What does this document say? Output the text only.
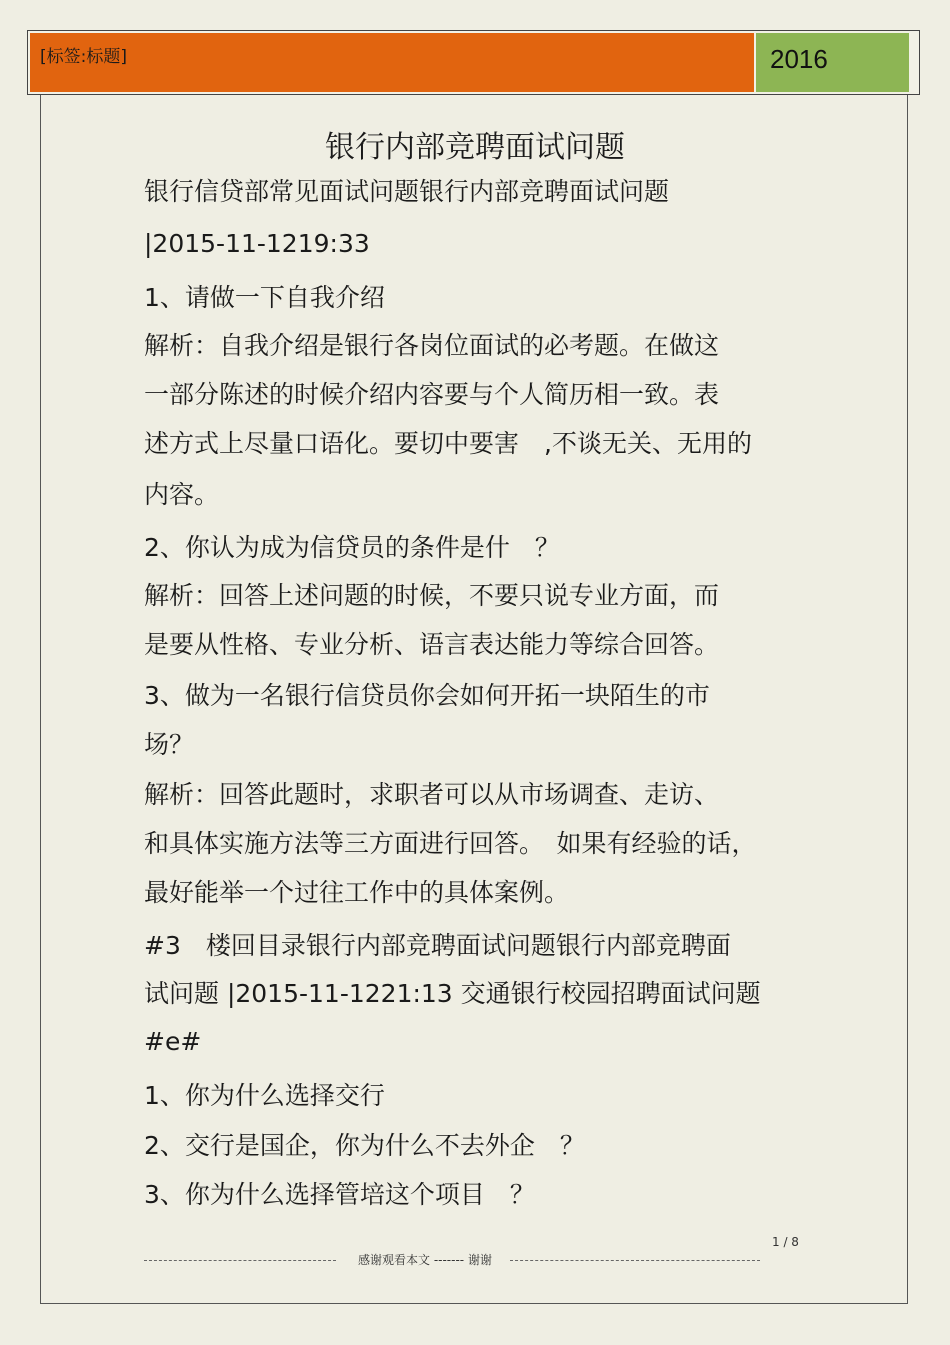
[标签:标题]	2016
银行内部竞聘面试问题
银行信贷部常见面试问题银行内部竞聘面试问题
|2015-11-1219:33
1、请做一下自我介绍
解析：自我介绍是银行各岗位面试的必考题。在做这
一部分陈述的时候介绍内容要与个人简历相一致。表
述方式上尽量口语化。要切中要害　,不谈无关、无用的
内容。
2、你认为成为信贷员的条件是什　？
解析：回答上述问题的时候，不要只说专业方面，而
是要从性格、专业分析、语言表达能力等综合回答。
3、做为一名银行信贷员你会如何开拓一块陌生的市
场？
解析：回答此题时，求职者可以从市场调查、走访、
和具体实施方法等三方面进行回答。　如果有经验的话，
最好能举一个过往工作中的具体案例。
#3　楼回目录银行内部竞聘面试问题银行内部竞聘面
试问题 |2015-11-1221:13 交通银行校园招聘面试问题
#e#
1、你为什么选择交行
2、交行是国企，你为什么不去外企　？
3、你为什么选择管培这个项目　？
1 / 8
感谢观看本文 ------- 谢谢
